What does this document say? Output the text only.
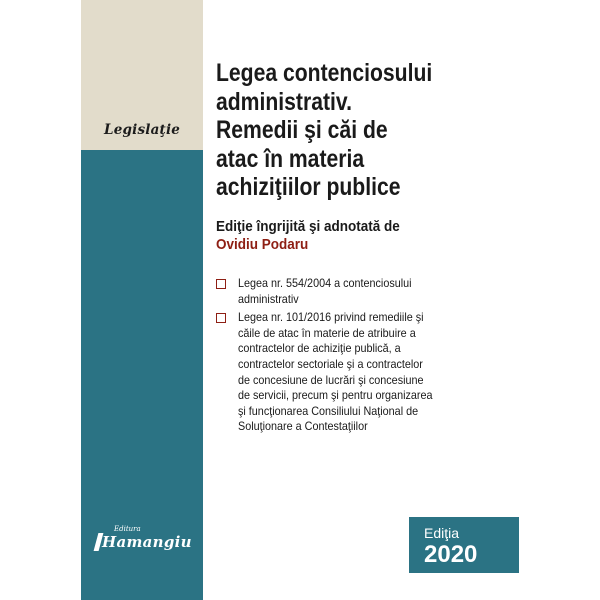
Legislaţie
Legea contenciosului
administrativ.
Remedii şi căi de
atac în materia
achiziţiilor publice
Ediţie îngrijită şi adnotată de
Ovidiu Podaru
Legea nr. 554/2004 a contenciosului
administrativ
Legea nr. 101/2016 privind remediile şi
căile de atac în materie de atribuire a
contractelor de achiziţie publică, a
contractelor sectoriale şi a contractelor
de concesiune de lucrări şi concesiune
de servicii, precum şi pentru organizarea
şi funcţionarea Consiliului Naţional de
Soluţionare a Contestaţiilor
Editura
Hamangiu	Ediţia
2020
